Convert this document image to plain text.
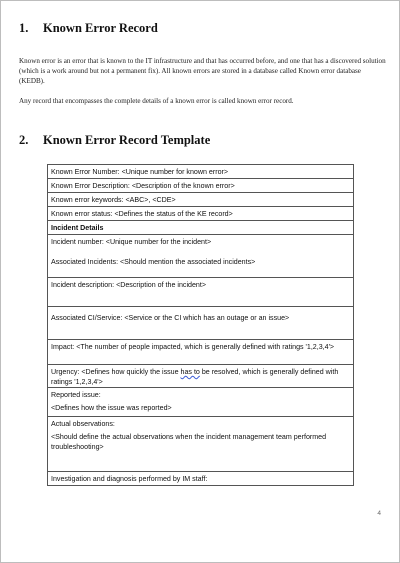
1. Known Error Record
Known error is an error that is known to the IT infrastructure and that has occurred before, and one that has a discovered solution (which is a work around but not a permanent fix). All known errors are stored in a database called Known error database (KEDB).
Any record that encompasses the complete details of a known error is called known error record.
2. Known Error Record Template
Known Error Number: <Unique number for known error>
Known Error Description: <Description of the known error>
Known error keywords: <ABC>, <CDE>
Known error status: <Defines the status of the KE record>
Incident Details

Incident number: <Unique number for the incident>
Associated Incidents: <Should mention the associated incidents>

Incident description: <Description of the incident>
Associated CI/Service: <Service or the CI which has an outage or an issue>
Impact: <The number of people impacted, which is generally defined with ratings '1,2,3,4'>
Urgency: <Defines how quickly the issue has to be resolved, which is generally defined with ratings '1,2,3,4'>

Reported issue:
<Defines how the issue was reported>

Actual observations:
<Should define the actual observations when the incident management team performed troubleshooting>

Investigation and diagnosis performed by IM staff:
4
